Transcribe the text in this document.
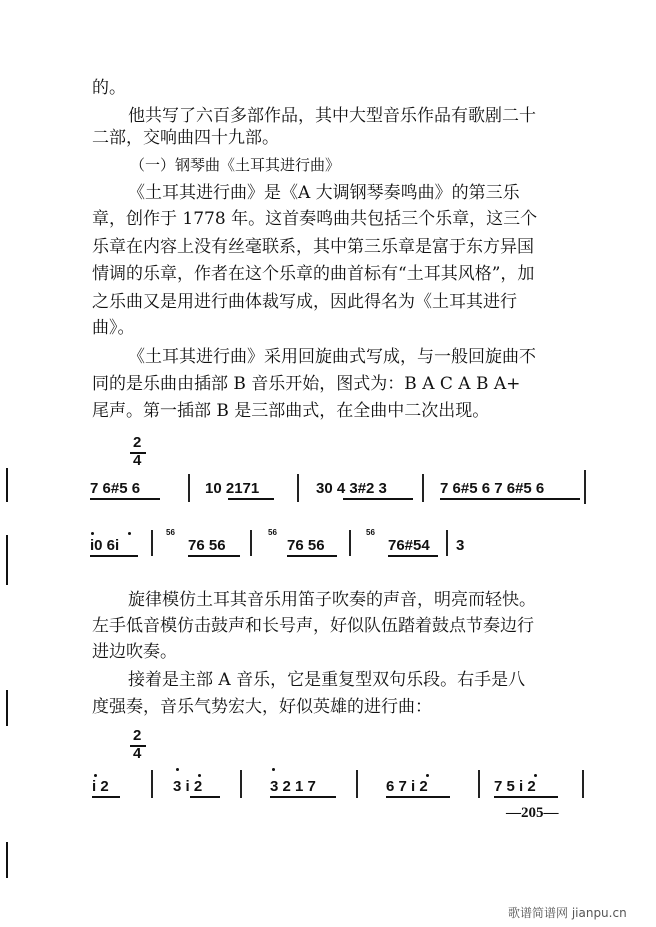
的。
他共写了六百多部作品，其中大型音乐作品有歌剧二十
二部，交响曲四十九部。
（一）钢琴曲《土耳其进行曲》
《土耳其进行曲》是《A 大调钢琴奏鸣曲》的第三乐
章，创作于 1778 年。这首奏鸣曲共包括三个乐章，这三个
乐章在内容上没有丝毫联系，其中第三乐章是富于东方异国
情调的乐章，作者在这个乐章的曲首标有“土耳其风格”，加
之乐曲又是用进行曲体裁写成，因此得名为《土耳其进行
曲》。
《土耳其进行曲》采用回旋曲式写成，与一般回旋曲不
同的是乐曲由插部 B 音乐开始，图式为：B A C A B A+
尾声。第一插部 B 是三部曲式，在全曲中二次出现。
2
4
7 6#5 6	10 2171	30 4 3#2 3	7 6#5 6 7 6#5 6
i0 6i
56
76 56
56
76 56
56
76#54 3
旋律模仿土耳其音乐用笛子吹奏的声音，明亮而轻快。
左手低音模仿击鼓声和长号声，好似队伍踏着鼓点节奏边行
进边吹奏。
接着是主部 A 音乐，它是重复型双句乐段。右手是八
度强奏，音乐气势宏大，好似英雄的进行曲：
2
4
i 2	3 i 2	3 2 1 7	6 7 i 2	7 5 i 2
—205—
歌谱简谱网 jianpu.cn
